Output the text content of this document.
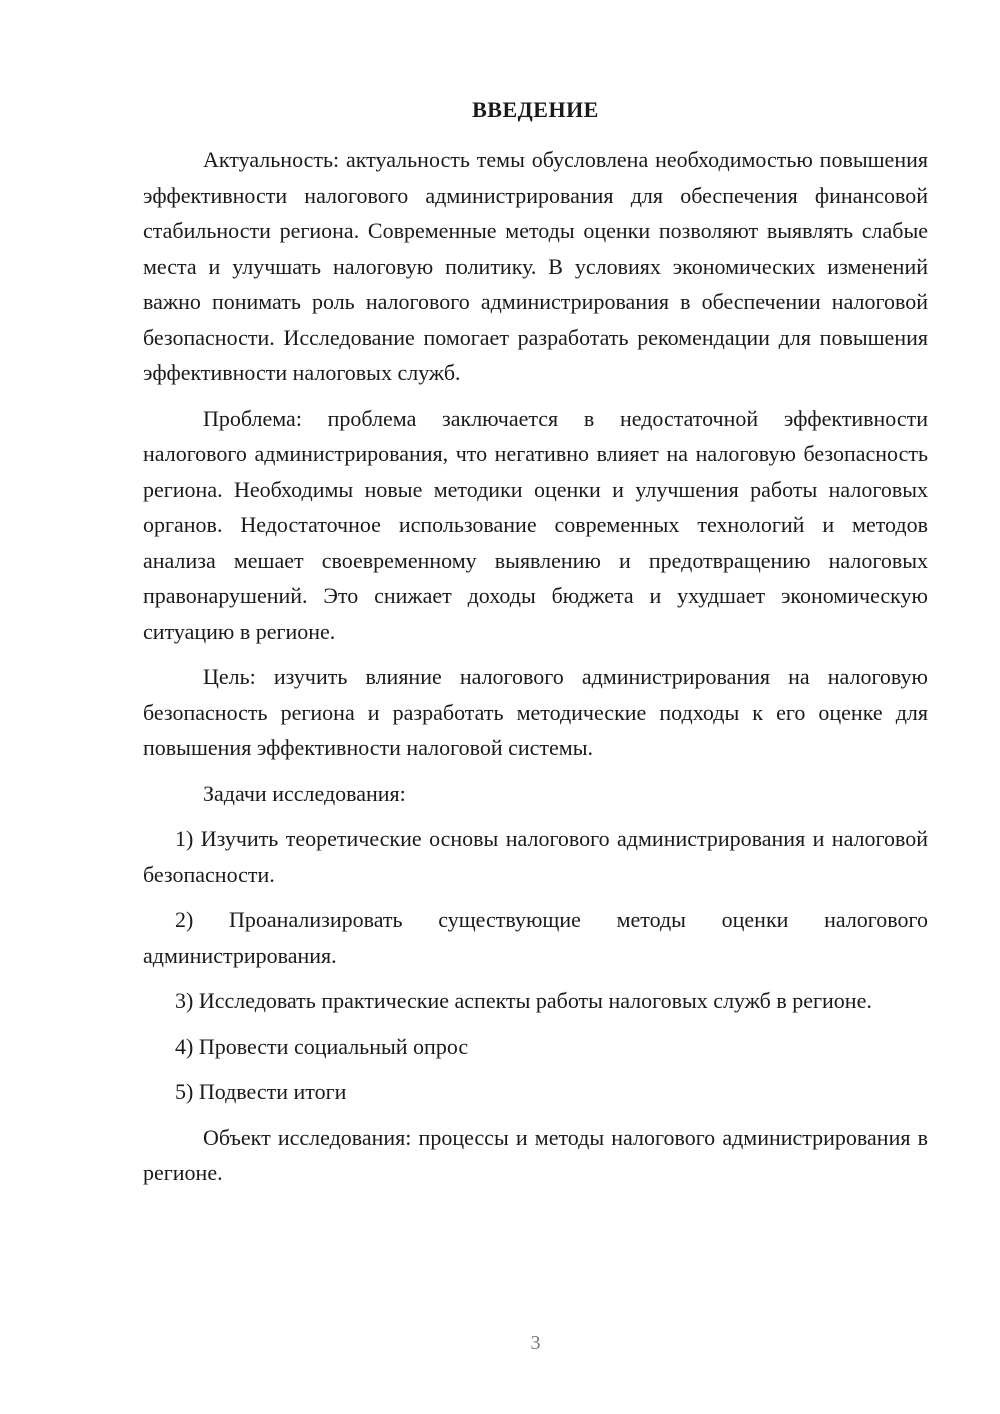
ВВЕДЕНИЕ

Актуальность: актуальность темы обусловлена необходимостью повышения эффективности налогового администрирования для обеспечения финансовой стабильности региона. Современные методы оценки позволяют выявлять слабые места и улучшать налоговую политику. В условиях экономических изменений важно понимать роль налогового администрирования в обеспечении налоговой безопасности. Исследование помогает разработать рекомендации для повышения эффективности налоговых служб.

Проблема: проблема заключается в недостаточной эффективности налогового администрирования, что негативно влияет на налоговую безопасность региона. Необходимы новые методики оценки и улучшения работы налоговых органов. Недостаточное использование современных технологий и методов анализа мешает своевременному выявлению и предотвращению налоговых правонарушений. Это снижает доходы бюджета и ухудшает экономическую ситуацию в регионе.

Цель: изучить влияние налогового администрирования на налоговую безопасность региона и разработать методические подходы к его оценке для повышения эффективности налоговой системы.

Задачи исследования:

1) Изучить теоретические основы налогового администрирования и налоговой безопасности.

2) Проанализировать существующие методы оценки налогового администрирования.

3) Исследовать практические аспекты работы налоговых служб в регионе.

4) Провести социальный опрос

5) Подвести итоги

Объект исследования: процессы и методы налогового администрирования в регионе.

3
